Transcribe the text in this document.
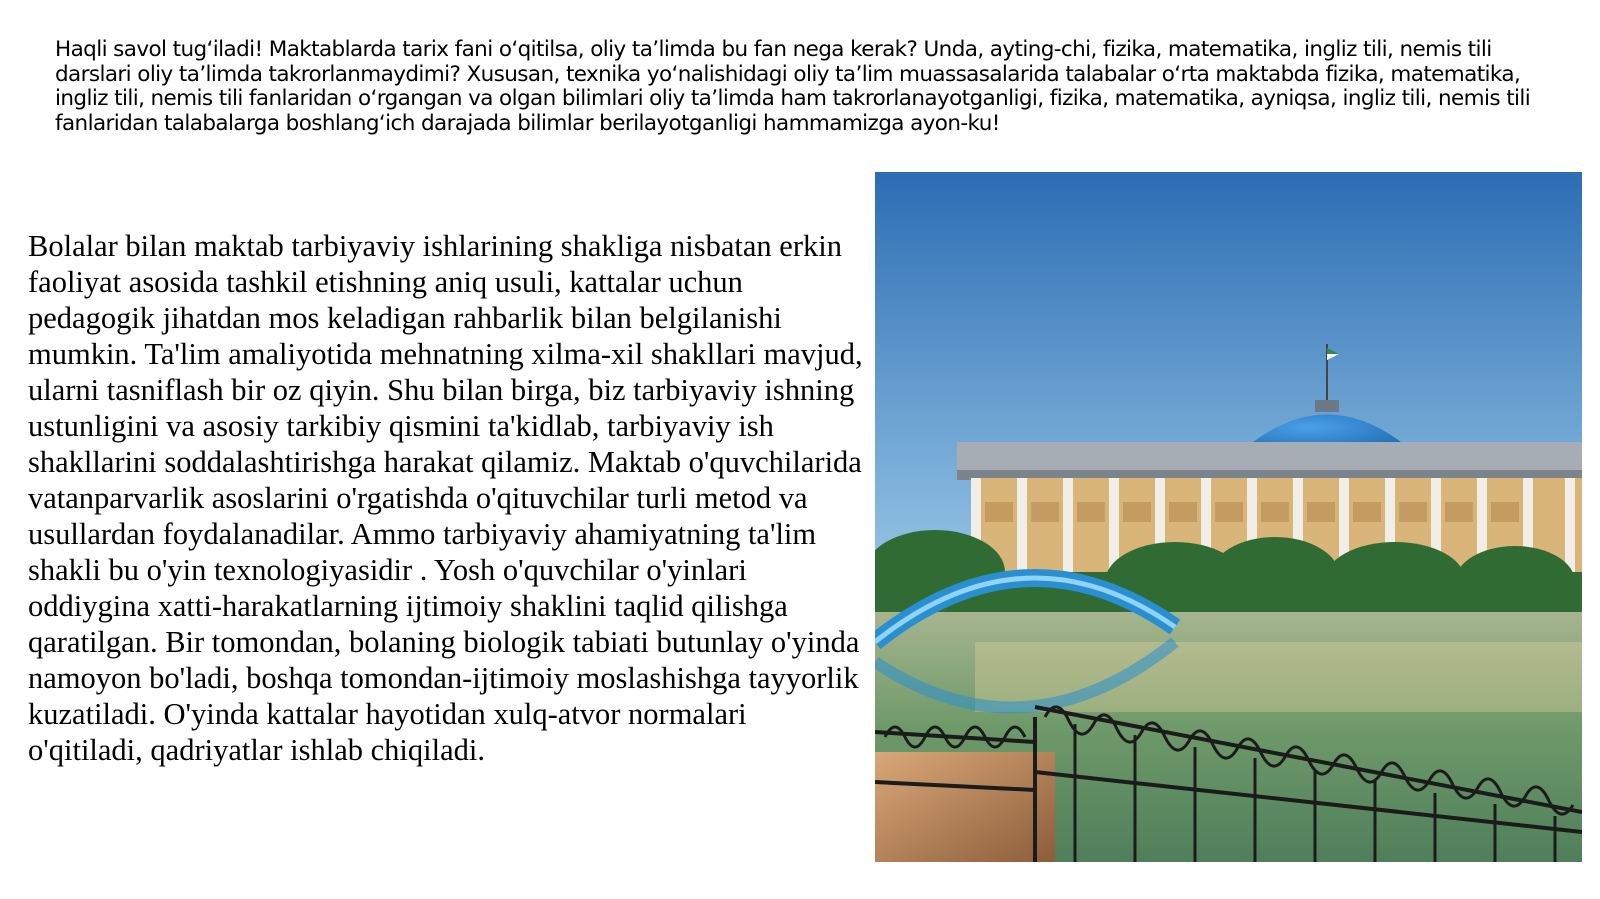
Haqli savol tug‘iladi! Maktablarda tarix fani o‘qitilsa, oliy ta’limda bu fan nega kerak? Unda, ayting-chi, fizika, matematika, ingliz tili, nemis tili darslari oliy ta’limda takrorlanmaydimi? Xususan, texnika yo‘nalishidagi oliy ta’lim muassasalarida talabalar o‘rta maktabda fizika, matematika, ingliz tili, nemis tili fanlaridan o‘rgangan va olgan bilimlari oliy ta’limda ham takrorlanayotganligi, fizika, matematika, ayniqsa, ingliz tili, nemis tili fanlaridan talabalarga boshlang‘ich darajada bilimlar berilayotganligi hammamizga ayon-ku!
Bolalar bilan maktab tarbiyaviy ishlarining shakliga nisbatan erkin faoliyat asosida tashkil etishning aniq usuli, kattalar uchun pedagogik jihatdan mos keladigan rahbarlik bilan belgilanishi mumkin. Ta'lim amaliyotida mehnatning xilma-xil shakllari mavjud, ularni tasniflash bir oz qiyin. Shu bilan birga, biz tarbiyaviy ishning ustunligini va asosiy tarkibiy qismini ta'kidlab, tarbiyaviy ish shakllarini soddalashtirishga harakat qilamiz. Maktab o'quvchilarida vatanparvarlik asoslarini o'rgatishda o'qituvchilar turli metod va usullardan foydalanadilar. Ammo tarbiyaviy ahamiyatning ta'lim shakli bu o'yin texnologiyasidir . Yosh o'quvchilar o'yinlari oddiygina xatti-harakatlarning ijtimoiy shaklini taqlid qilishga qaratilgan. Bir tomondan, bolaning biologik tabiati butunlay o'yinda namoyon bo'ladi, boshqa tomondan-ijtimoiy moslashishga tayyorlik kuzatiladi. O'yinda kattalar hayotidan xulq-atvor normalari o'qitiladi, qadriyatlar ishlab chiqiladi.
